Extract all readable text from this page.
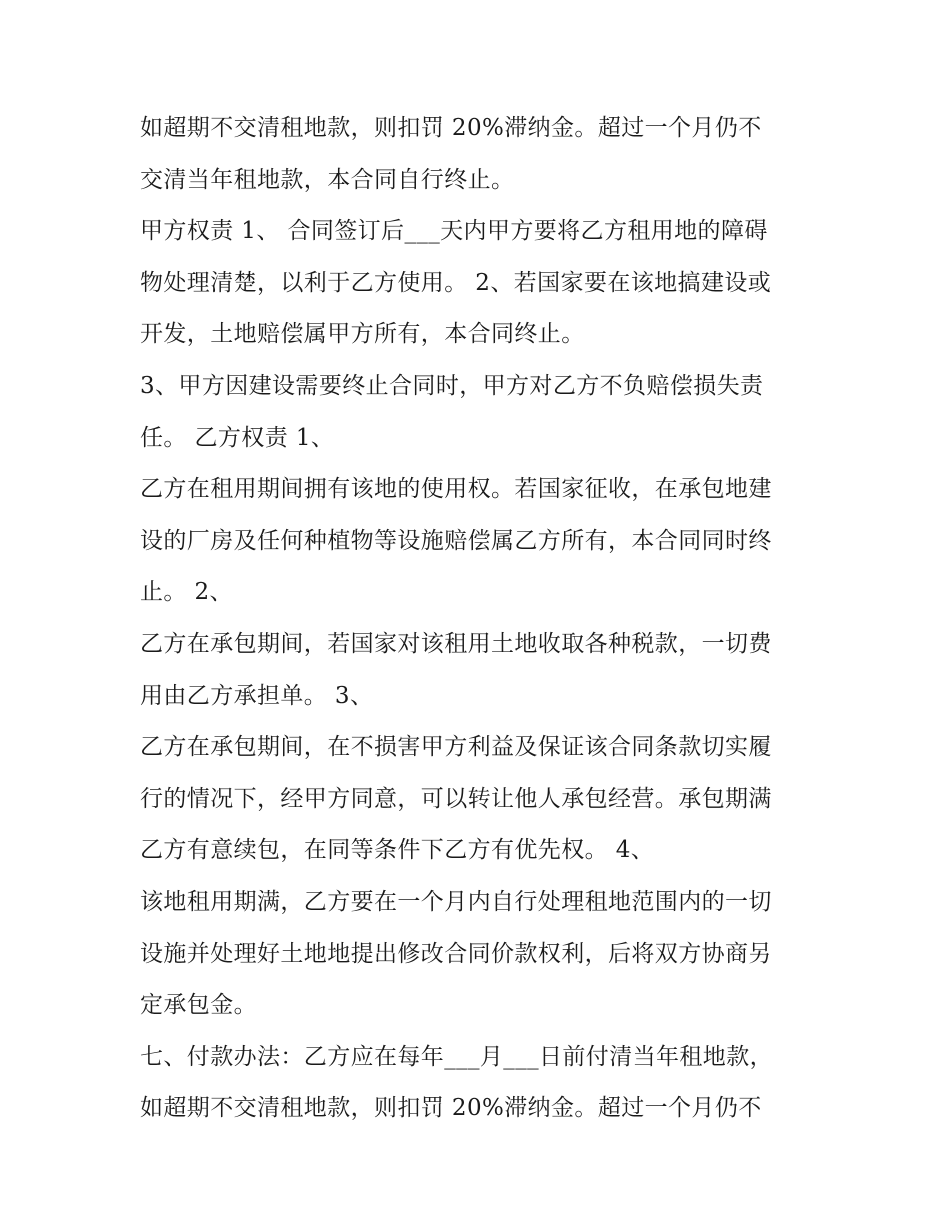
如超期不交清租地款，则扣罚 20%滞纳金。超过一个月仍不
交清当年租地款，本合同自行终止。
甲方权责 1、 合同签订后___天内甲方要将乙方租用地的障碍
物处理清楚，以利于乙方使用。 2、若国家要在该地搞建设或
开发，土地赔偿属甲方所有，本合同终止。
3、甲方因建设需要终止合同时，甲方对乙方不负赔偿损失责
任。 乙方权责 1、
乙方在租用期间拥有该地的使用权。若国家征收，在承包地建
设的厂房及任何种植物等设施赔偿属乙方所有，本合同同时终
止。 2、
乙方在承包期间，若国家对该租用土地收取各种税款，一切费
用由乙方承担单。 3、
乙方在承包期间，在不损害甲方利益及保证该合同条款切实履
行的情况下，经甲方同意，可以转让他人承包经营。承包期满
乙方有意续包，在同等条件下乙方有优先权。 4、
该地租用期满，乙方要在一个月内自行处理租地范围内的一切
设施并处理好土地地提出修改合同价款权利，后将双方协商另
定承包金。
七、付款办法：乙方应在每年___月___日前付清当年租地款，
如超期不交清租地款，则扣罚 20%滞纳金。超过一个月仍不
